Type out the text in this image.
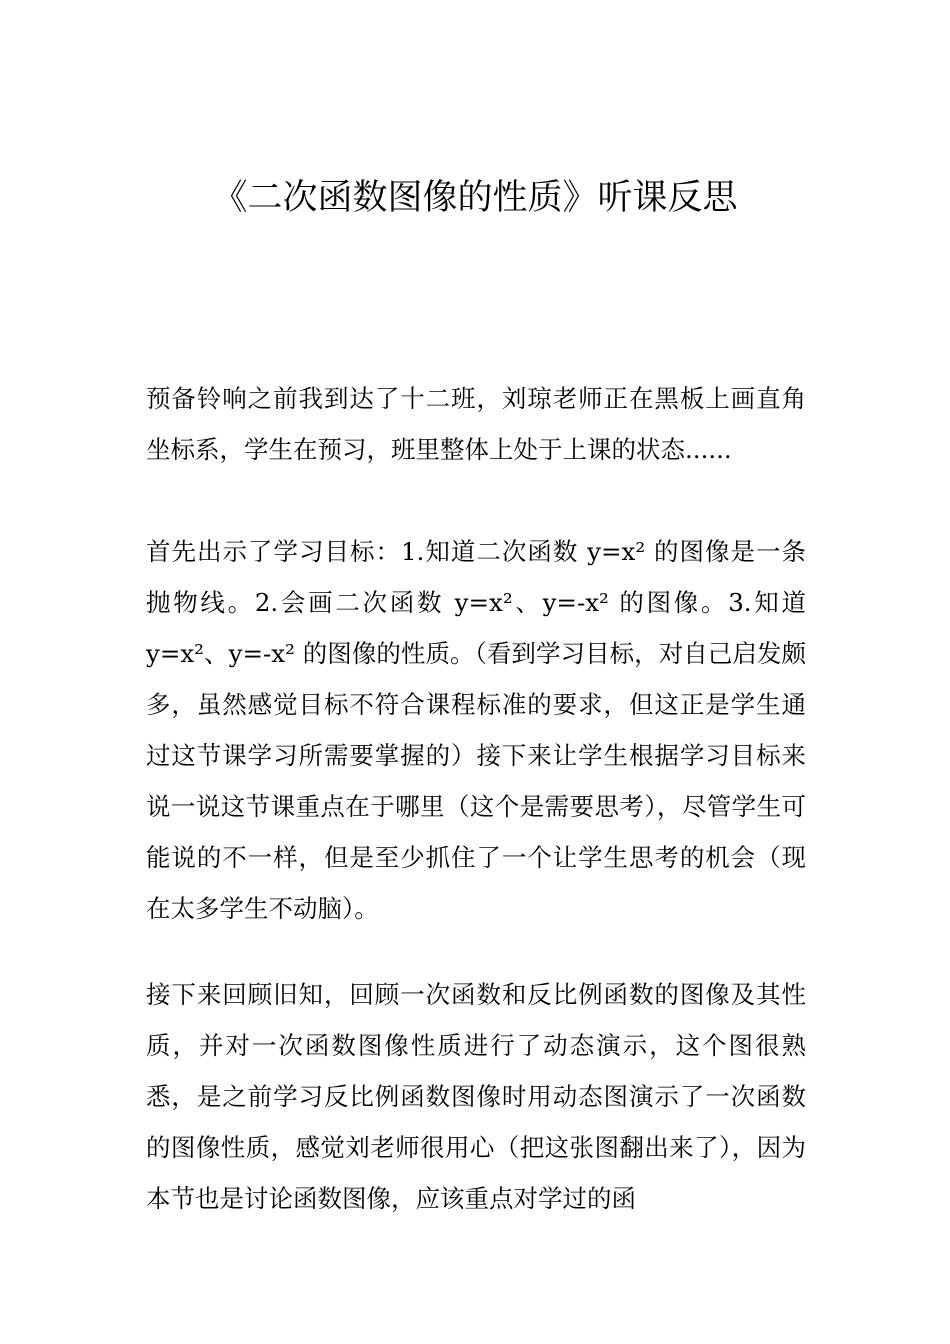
《二次函数图像的性质》听课反思

预备铃响之前我到达了十二班，刘琼老师正在黑板上画直角坐标系，学生在预习，班里整体上处于上课的状态......

首先出示了学习目标：1.知道二次函数 y=x² 的图像是一条抛物线。2.会画二次函数 y=x²、y=-x² 的图像。3.知道 y=x²、y=-x² 的图像的性质。（看到学习目标，对自己启发颇多，虽然感觉目标不符合课程标准的要求，但这正是学生通过这节课学习所需要掌握的）接下来让学生根据学习目标来说一说这节课重点在于哪里（这个是需要思考），尽管学生可能说的不一样，但是至少抓住了一个让学生思考的机会（现在太多学生不动脑）。

接下来回顾旧知，回顾一次函数和反比例函数的图像及其性质，并对一次函数图像性质进行了动态演示，这个图很熟悉，是之前学习反比例函数图像时用动态图演示了一次函数的图像性质，感觉刘老师很用心（把这张图翻出来了），因为本节也是讨论函数图像，应该重点对学过的函
